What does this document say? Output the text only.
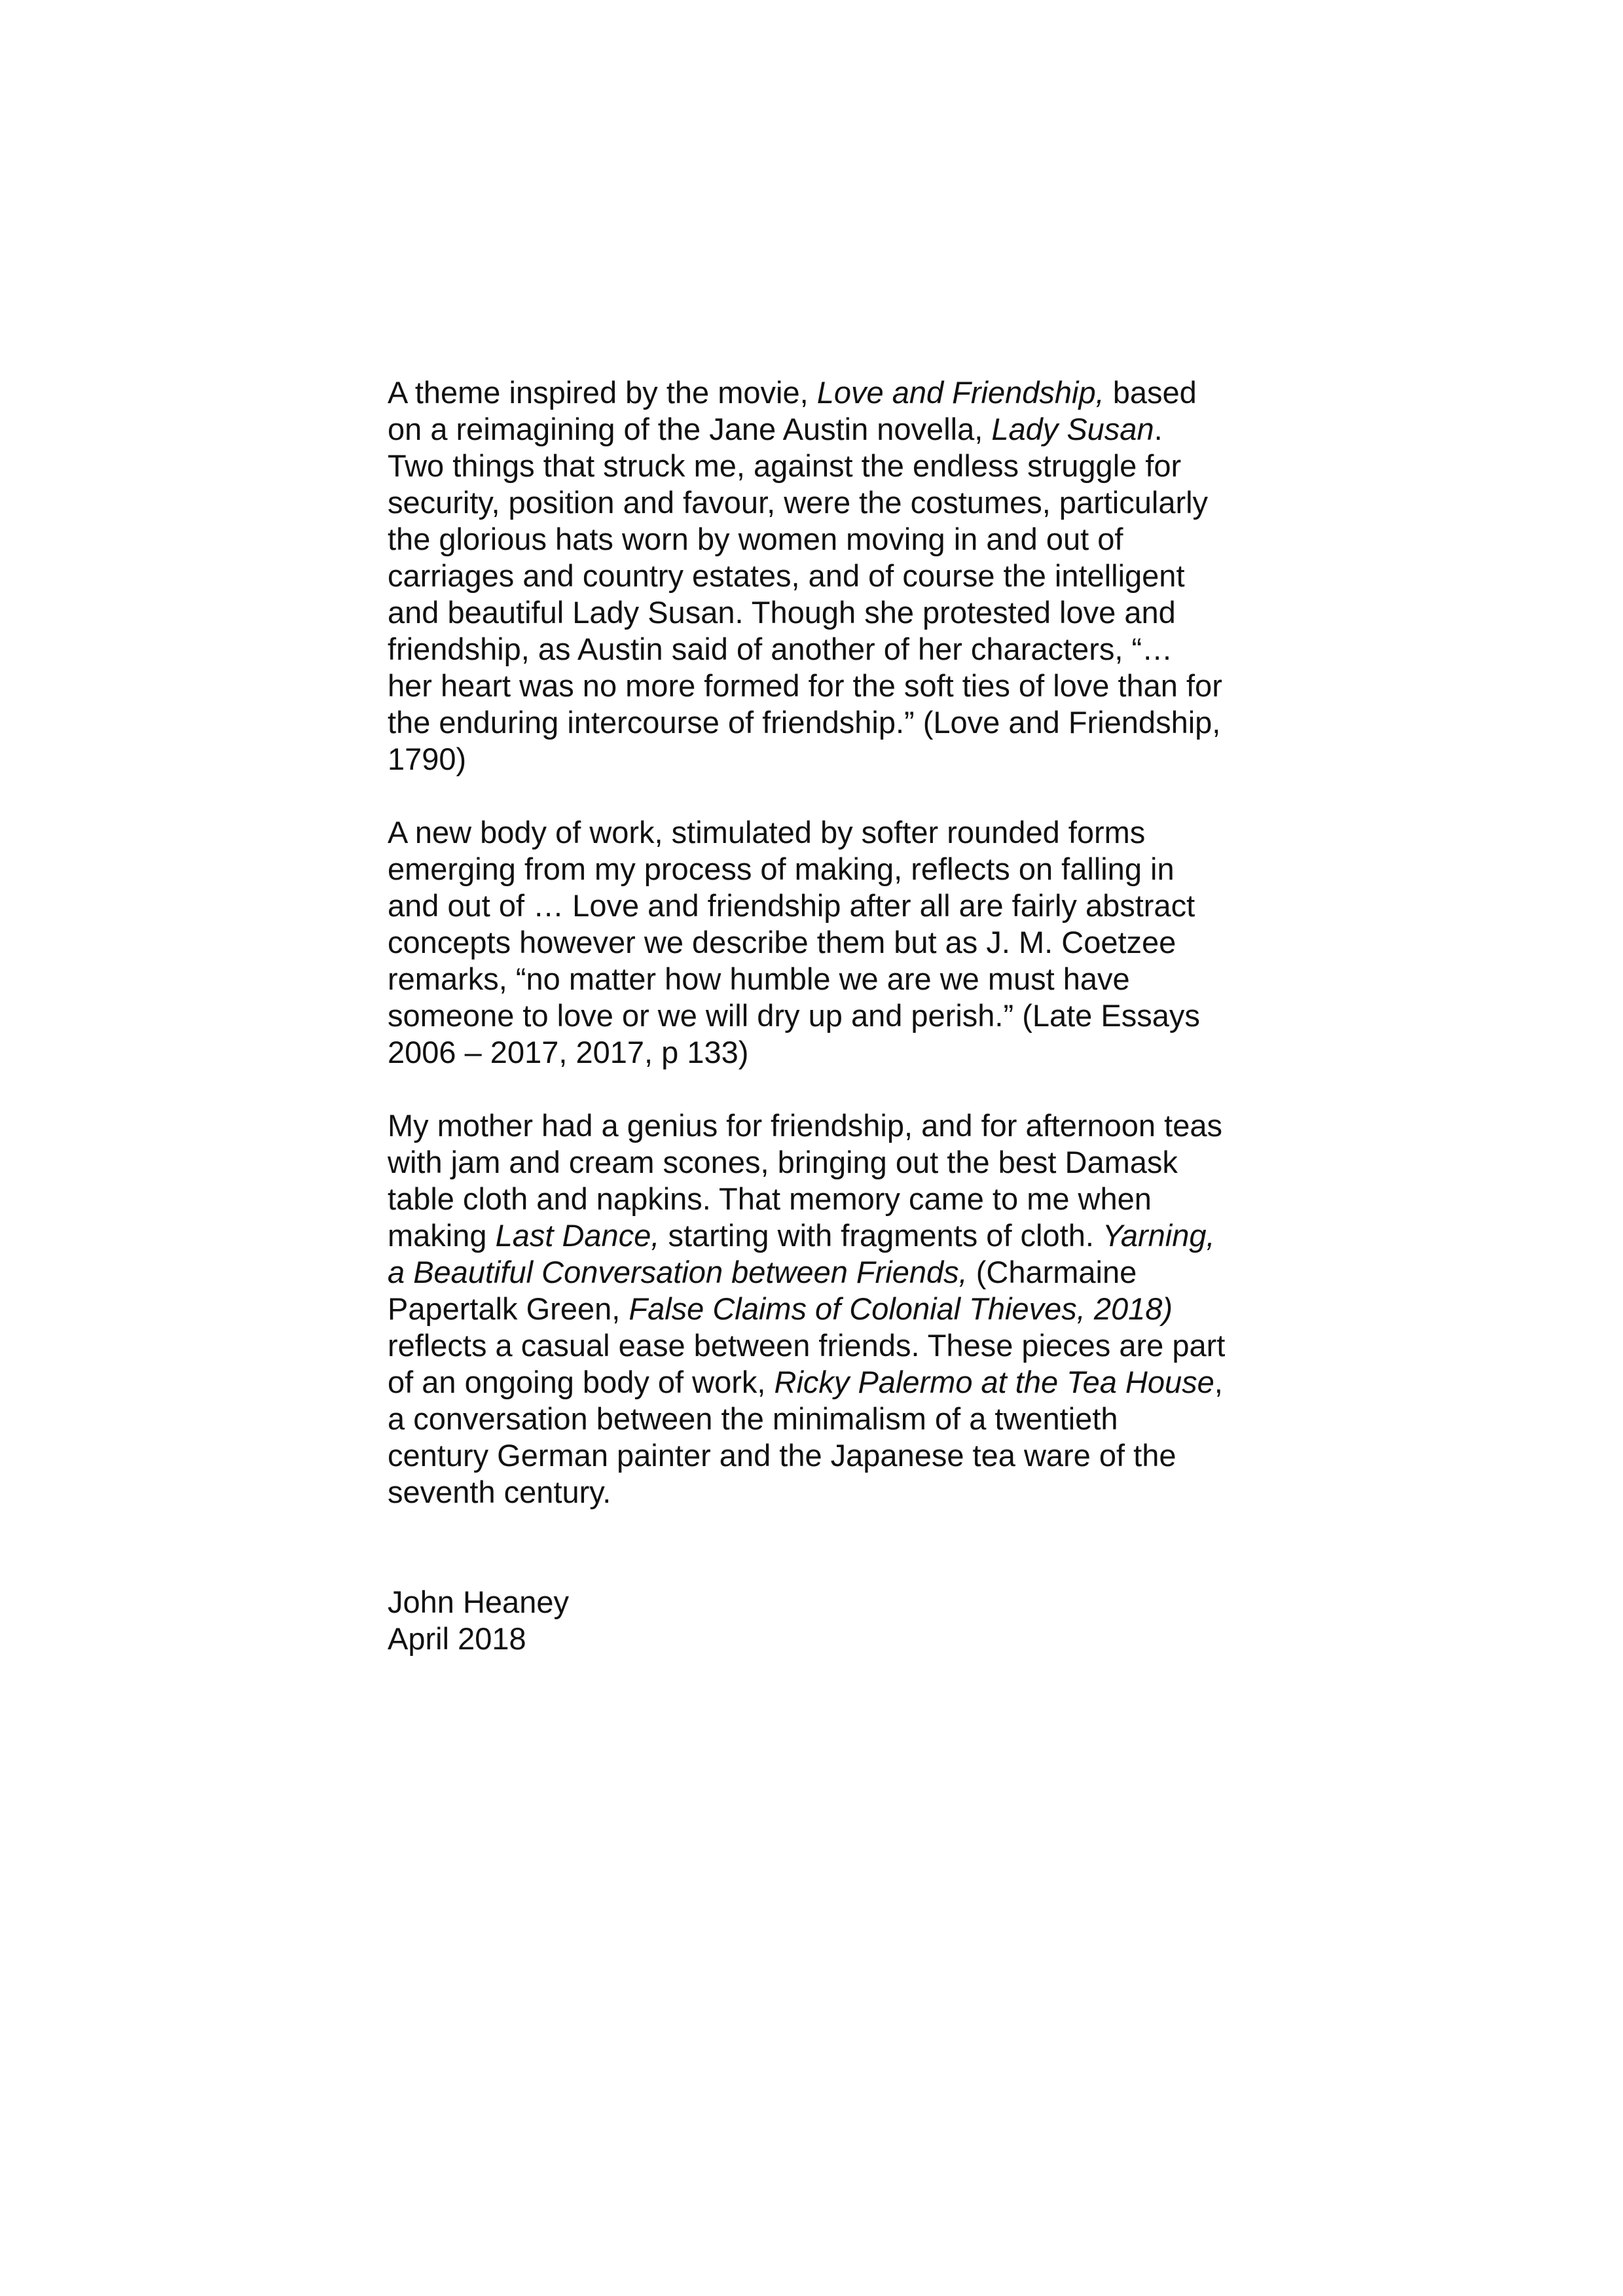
A theme inspired by the movie, Love and Friendship, based
on a reimagining of the Jane Austin novella, Lady Susan.
Two things that struck me, against the endless struggle for
security, position and favour, were the costumes, particularly
the glorious hats worn by women moving in and out of
carriages and country estates, and of course the intelligent
and beautiful Lady Susan. Though she protested love and
friendship, as Austin said of another of her characters, “…
her heart was no more formed for the soft ties of love than for
the enduring intercourse of friendship.” (Love and Friendship,
1790)
A new body of work, stimulated by softer rounded forms
emerging from my process of making, reflects on falling in
and out of … Love and friendship after all are fairly abstract
concepts however we describe them but as J. M. Coetzee
remarks, “no matter how humble we are we must have
someone to love or we will dry up and perish.” (Late Essays
2006 – 2017, 2017, p 133)
My mother had a genius for friendship, and for afternoon teas
with jam and cream scones, bringing out the best Damask
table cloth and napkins. That memory came to me when
making Last Dance, starting with fragments of cloth. Yarning,
a Beautiful Conversation between Friends, (Charmaine
Papertalk Green, False Claims of Colonial Thieves, 2018)
reflects a casual ease between friends. These pieces are part
of an ongoing body of work, Ricky Palermo at the Tea House,
a conversation between the minimalism of a twentieth
century German painter and the Japanese tea ware of the
seventh century.
John Heaney
April 2018
